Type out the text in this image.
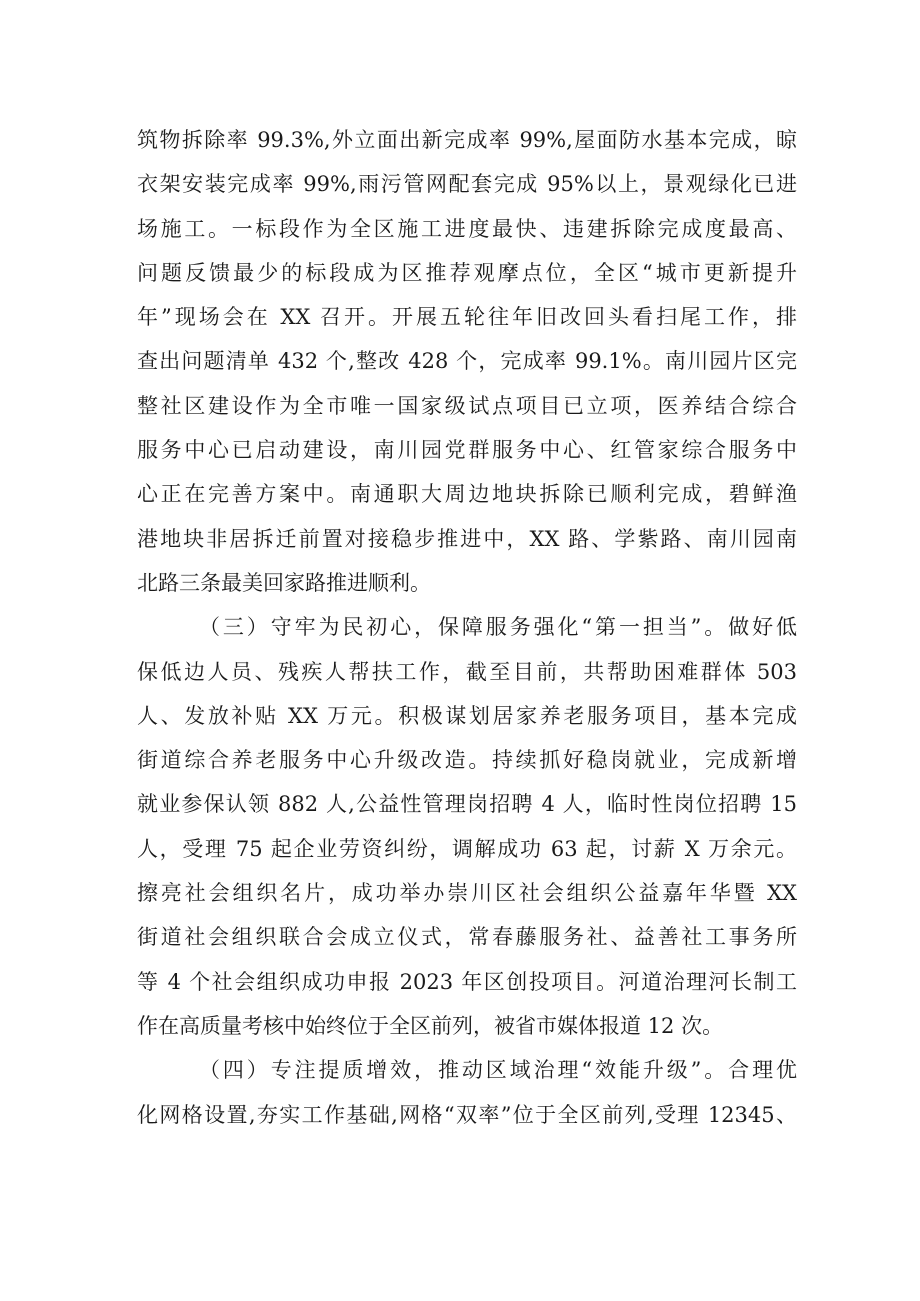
筑物拆除率 99.3%,外立面出新完成率 99%,屋面防水基本完成，晾
衣架安装完成率 99%,雨污管网配套完成 95%以上，景观绿化已进
场施工。一标段作为全区施工进度最快、违建拆除完成度最高、
问题反馈最少的标段成为区推荐观摩点位，全区“城市更新提升
年”现场会在 XX 召开。开展五轮往年旧改回头看扫尾工作，排
查出问题清单 432 个,整改 428 个，完成率 99.1%。南川园片区完
整社区建设作为全市唯一国家级试点项目已立项，医养结合综合
服务中心已启动建设，南川园党群服务中心、红管家综合服务中
心正在完善方案中。南通职大周边地块拆除已顺利完成，碧鲜渔
港地块非居拆迁前置对接稳步推进中，XX 路、学紫路、南川园南
北路三条最美回家路推进顺利。
（三）守牢为民初心，保障服务强化“第一担当”。做好低
保低边人员、残疾人帮扶工作，截至目前，共帮助困难群体 503
人、发放补贴 XX 万元。积极谋划居家养老服务项目，基本完成
街道综合养老服务中心升级改造。持续抓好稳岗就业，完成新增
就业参保认领 882 人,公益性管理岗招聘 4 人，临时性岗位招聘 15
人，受理 75 起企业劳资纠纷，调解成功 63 起，讨薪 X 万余元。
擦亮社会组织名片，成功举办崇川区社会组织公益嘉年华暨 XX
街道社会组织联合会成立仪式，常春藤服务社、益善社工事务所
等 4 个社会组织成功申报 2023 年区创投项目。河道治理河长制工
作在高质量考核中始终位于全区前列，被省市媒体报道 12 次。
（四）专注提质增效，推动区域治理“效能升级”。合理优
化网格设置,夯实工作基础,网格“双率”位于全区前列,受理 12345、
